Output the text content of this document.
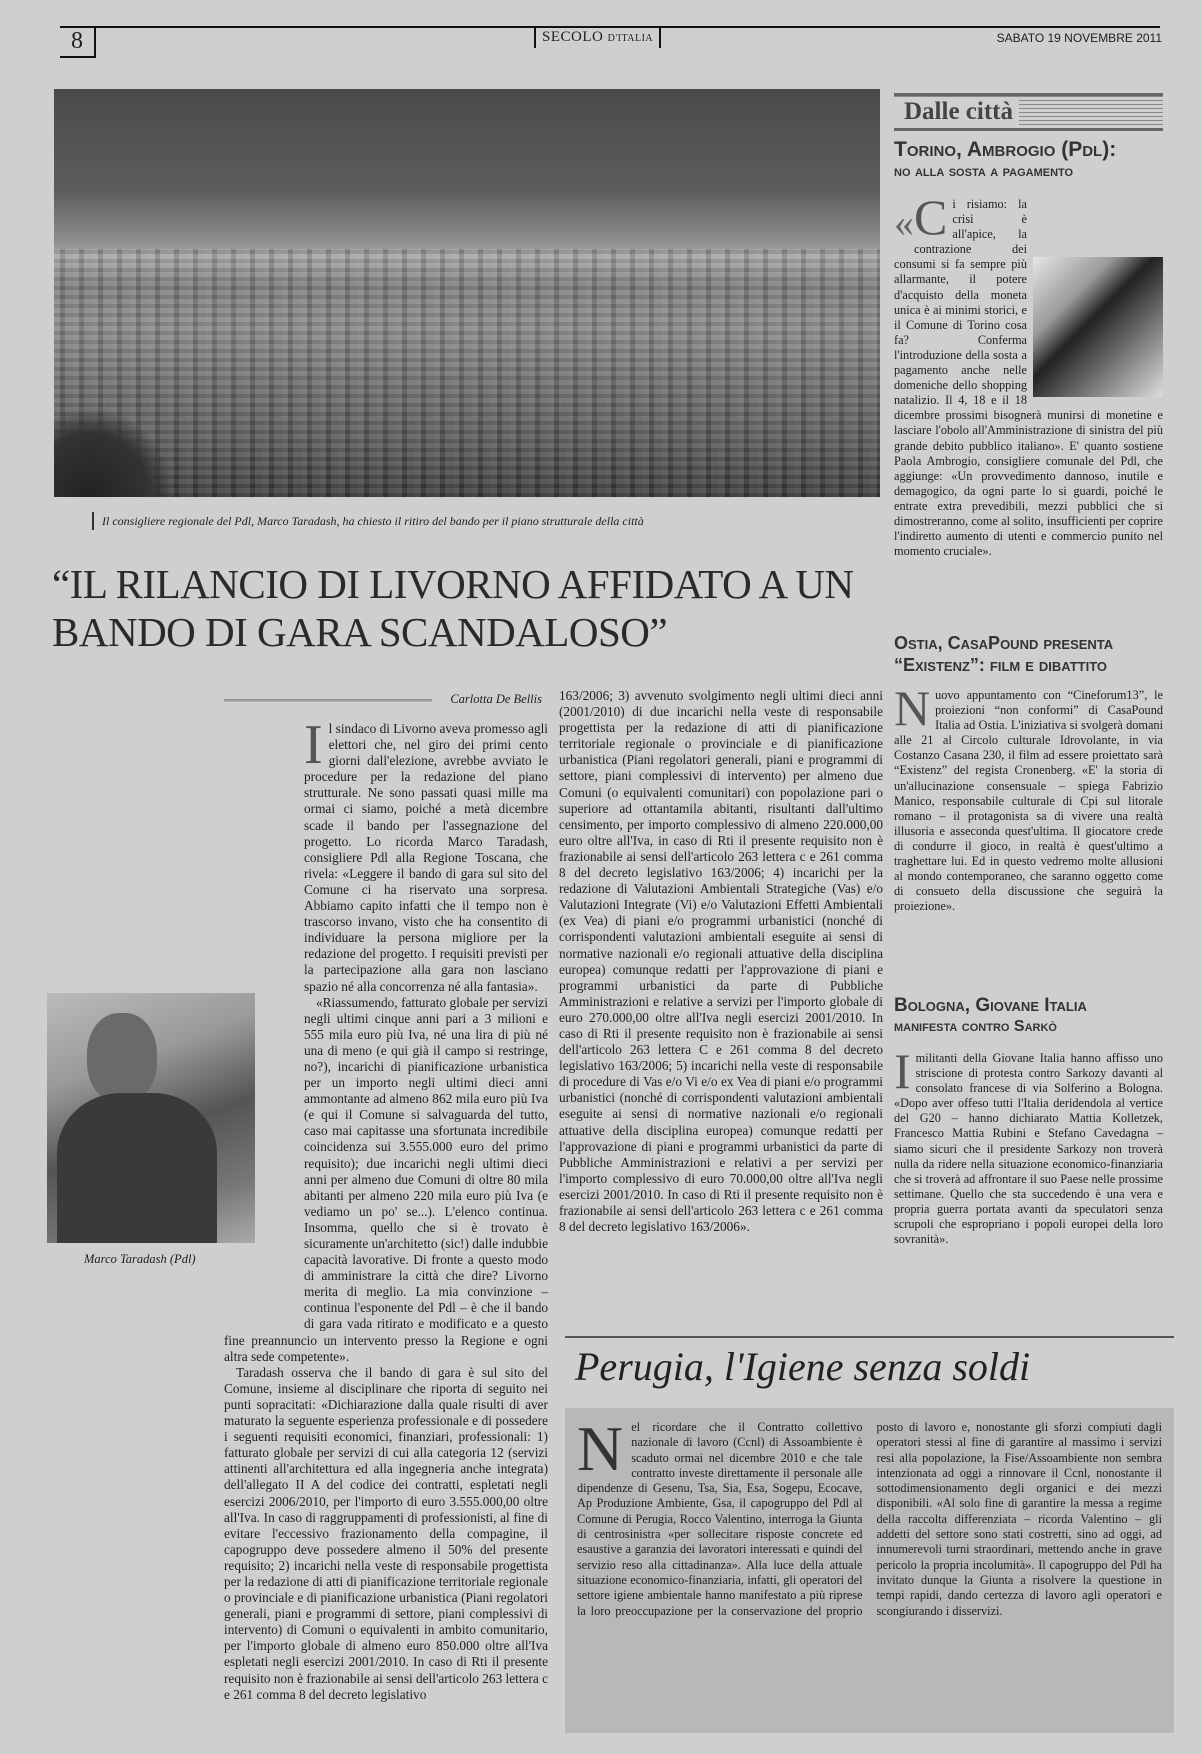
8	SECOLO D'ITALIA	SABATO 19 NOVEMBRE 2011
Il consigliere regionale del Pdl, Marco Taradash, ha chiesto il ritiro del bando per il piano strutturale della città
“IL RILANCIO DI LIVORNO AFFIDATO A UN BANDO DI GARA SCANDALOSO”
Carlotta De Bellis
I l sindaco di Livorno aveva promesso agli elettori che, nel giro dei primi cento giorni dall'elezione, avrebbe avviato le procedure per la redazione del piano strutturale. Ne sono passati quasi mille ma ormai ci siamo, poiché a metà dicembre scade il bando per l'assegnazione del progetto. Lo ricorda Marco Taradash, consigliere Pdl alla Regione Toscana, che rivela: «Leggere il bando di gara sul sito del Comune ci ha riservato una sorpresa. Abbiamo capito infatti che il tempo non è trascorso invano, visto che ha consentito di individuare la persona migliore per la redazione del progetto. I requisiti previsti per la partecipazione alla gara non lasciano spazio né alla concorrenza né alla fantasia».

«Riassumendo, fatturato globale per servizi negli ultimi cinque anni pari a 3 milioni e 555 mila euro più Iva, né una lira di più né una di meno (e qui già il campo si restringe, no?), incarichi di pianificazione urbanistica per un importo negli ultimi dieci anni ammontante ad almeno 862 mila euro più Iva (e qui il Comune si salvaguarda del tutto, caso mai capitasse una sfortunata incredibile coincidenza sui 3.555.000 euro del primo requisito); due incarichi negli ultimi dieci anni per almeno due Comuni di oltre 80 mila abitanti per almeno 220 mila euro più Iva (e vediamo un po' se...). L'elenco continua. Insomma, quello che si è trovato è sicuramente un'architetto (sic!) dalle indubbie capacità lavorative. Di fronte a questo modo di amministrare la città che dire? Livorno merita di meglio. La mia convinzione – continua l'esponente del Pdl – è che il bando di gara vada ritirato e modificato e a questo fine preannuncio un intervento presso la Regione e ogni altra sede competente».

Taradash osserva che il bando di gara è sul sito del Comune, insieme al disciplinare che riporta di seguito nei punti sopracitati: «Dichiarazione dalla quale risulti di aver maturato la seguente esperienza professionale e di possedere i seguenti requisiti economici, finanziari, professionali: 1) fatturato globale per servizi di cui alla categoria 12 (servizi attinenti all'architettura ed alla ingegneria anche integrata) dell'allegato II A del codice dei contratti, espletati negli esercizi 2006/2010, per l'importo di euro 3.555.000,00 oltre all'Iva. In caso di raggruppamenti di professionisti, al fine di evitare l'eccessivo frazionamento della compagine, il capogruppo deve possedere almeno il 50% del presente requisito; 2) incarichi nella veste di responsabile progettista per la redazione di atti di pianificazione territoriale regionale o provinciale e di pianificazione urbanistica (Piani regolatori generali, piani e programmi di settore, piani complessivi di intervento) di Comuni o equivalenti in ambito comunitario, per l'importo globale di almeno euro 850.000 oltre all'Iva espletati negli esercizi 2001/2010. In caso di Rti il presente requisito non è frazionabile ai sensi dell'articolo 263 lettera c e 261 comma 8 del decreto legislativo

163/2006; 3) avvenuto svolgimento negli ultimi dieci anni (2001/2010) di due incarichi nella veste di responsabile progettista per la redazione di atti di pianificazione territoriale regionale o provinciale e di pianificazione urbanistica (Piani regolatori generali, piani e programmi di settore, piani complessivi di intervento) per almeno due Comuni (o equivalenti comunitari) con popolazione pari o superiore ad ottantamila abitanti, risultanti dall'ultimo censimento, per importo complessivo di almeno 220.000,00 euro oltre all'Iva, in caso di Rti il presente requisito non è frazionabile ai sensi dell'articolo 263 lettera c e 261 comma 8 del decreto legislativo 163/2006; 4) incarichi per la redazione di Valutazioni Ambientali Strategiche (Vas) e/o Valutazioni Integrate (Vi) e/o Valutazioni Effetti Ambientali (ex Vea) di piani e/o programmi urbanistici (nonché di corrispondenti valutazioni ambientali eseguite ai sensi di normative nazionali e/o regionali attuative della disciplina europea) comunque redatti per l'approvazione di piani e programmi urbanistici da parte di Pubbliche Amministrazioni e relative a servizi per l'importo globale di euro 270.000,00 oltre all'Iva negli esercizi 2001/2010. In caso di Rti il presente requisito non è frazionabile ai sensi dell'articolo 263 lettera C e 261 comma 8 del decreto legislativo 163/2006; 5) incarichi nella veste di responsabile di procedure di Vas e/o Vi e/o ex Vea di piani e/o programmi urbanistici (nonché di corrispondenti valutazioni ambientali eseguite ai sensi di normative nazionali e/o regionali attuative della disciplina europea) comunque redatti per l'approvazione di piani e programmi urbanistici da parte di Pubbliche Amministrazioni e relativi a per servizi per l'importo complessivo di euro 70.000,00 oltre all'Iva negli esercizi 2001/2010. In caso di Rti il presente requisito non è frazionabile ai sensi dell'articolo 263 lettera c e 261 comma 8 del decreto legislativo 163/2006».

Marco Taradash (Pdl)
Dalle città
Torino, Ambrogio (Pdl):
no alla sosta a pagamento
« C i risiamo: la crisi è all'apice, la contrazione dei consumi si fa sempre più allarmante, il potere d'acquisto della moneta unica è ai minimi storici, e il Comune di Torino cosa fa? Conferma l'introduzione della sosta a pagamento anche nelle domeniche dello shopping natalizio. Il 4, 18 e il 18 dicembre prossimi bisognerà munirsi di monetine e lasciare l'obolo all'Amministrazione di sinistra del più grande debito pubblico italiano». E' quanto sostiene Paola Ambrogio, consigliere comunale del Pdl, che aggiunge: «Un provvedimento dannoso, inutile e demagogico, da ogni parte lo si guardi, poiché le entrate extra prevedibili, mezzi pubblici che si dimostreranno, come al solito, insufficienti per coprire l'indiretto aumento di utenti e commercio punito nel momento cruciale».

Ostia, CasaPound presenta
“Existenz”: film e dibattito
N uovo appuntamento con “Cineforum13”, le proiezioni “non conformi” di CasaPound Italia ad Ostia. L'iniziativa si svolgerà domani alle 21 al Circolo culturale Idrovolante, in via Costanzo Casana 230, il film ad essere proiettato sarà “Existenz” del regista Cronenberg. «E' la storia di un'allucinazione consensuale – spiega Fabrizio Manico, responsabile culturale di Cpi sul litorale romano – il protagonista sa di vivere una realtà illusoria e asseconda quest'ultima. Il giocatore crede di condurre il gioco, in realtà è quest'ultimo a traghettare lui. Ed in questo vedremo molte allusioni al mondo contemporaneo, che saranno oggetto come di consueto della discussione che seguirà la proiezione».

Bologna, Giovane Italia
manifesta contro Sarkò
I militanti della Giovane Italia hanno affisso uno striscione di protesta contro Sarkozy davanti al consolato francese di via Solferino a Bologna. «Dopo aver offeso tutti l'Italia deridendola al vertice del G20 – hanno dichiarato Mattia Kolletzek, Francesco Mattia Rubini e Stefano Cavedagna – siamo sicuri che il presidente Sarkozy non troverà nulla da ridere nella situazione economico-finanziaria che si troverà ad affrontare il suo Paese nelle prossime settimane. Quello che sta succedendo è una vera e propria guerra portata avanti da speculatori senza scrupoli che espropriano i popoli europei della loro sovranità».

Perugia, l'Igiene senza soldi
N el ricordare che il Contratto collettivo nazionale di lavoro (Ccnl) di Assoambiente è scaduto ormai nel dicembre 2010 e che tale contratto investe direttamente il personale alle dipendenze di Gesenu, Tsa, Sia, Esa, Sogepu, Ecocave, Ap Produzione Ambiente, Gsa, il capogruppo del Pdl al Comune di Perugia, Rocco Valentino, interroga la Giunta di centrosinistra «per sollecitare risposte concrete ed esaustive a garanzia dei lavoratori interessati e quindi del servizio reso alla cittadinanza». Alla luce della attuale situazione economico-finanziaria, infatti, gli operatori del settore igiene ambientale hanno manifestato a più riprese la loro preoccupazione per la conservazione del proprio posto di lavoro e, nonostante gli sforzi compiuti dagli operatori stessi al fine di garantire al massimo i servizi resi alla popolazione, la Fise/Assoambiente non sembra intenzionata ad oggi a rinnovare il Ccnl, nonostante il sottodimensionamento degli organici e dei mezzi disponibili. «Al solo fine di garantire la messa a regime della raccolta differenziata – ricorda Valentino – gli addetti del settore sono stati costretti, sino ad oggi, ad innumerevoli turni straordinari, mettendo anche in grave pericolo la propria incolumità». Il capogruppo del Pdl ha invitato dunque la Giunta a risolvere la questione in tempi rapidi, dando certezza di lavoro agli operatori e scongiurando i disservizi.
